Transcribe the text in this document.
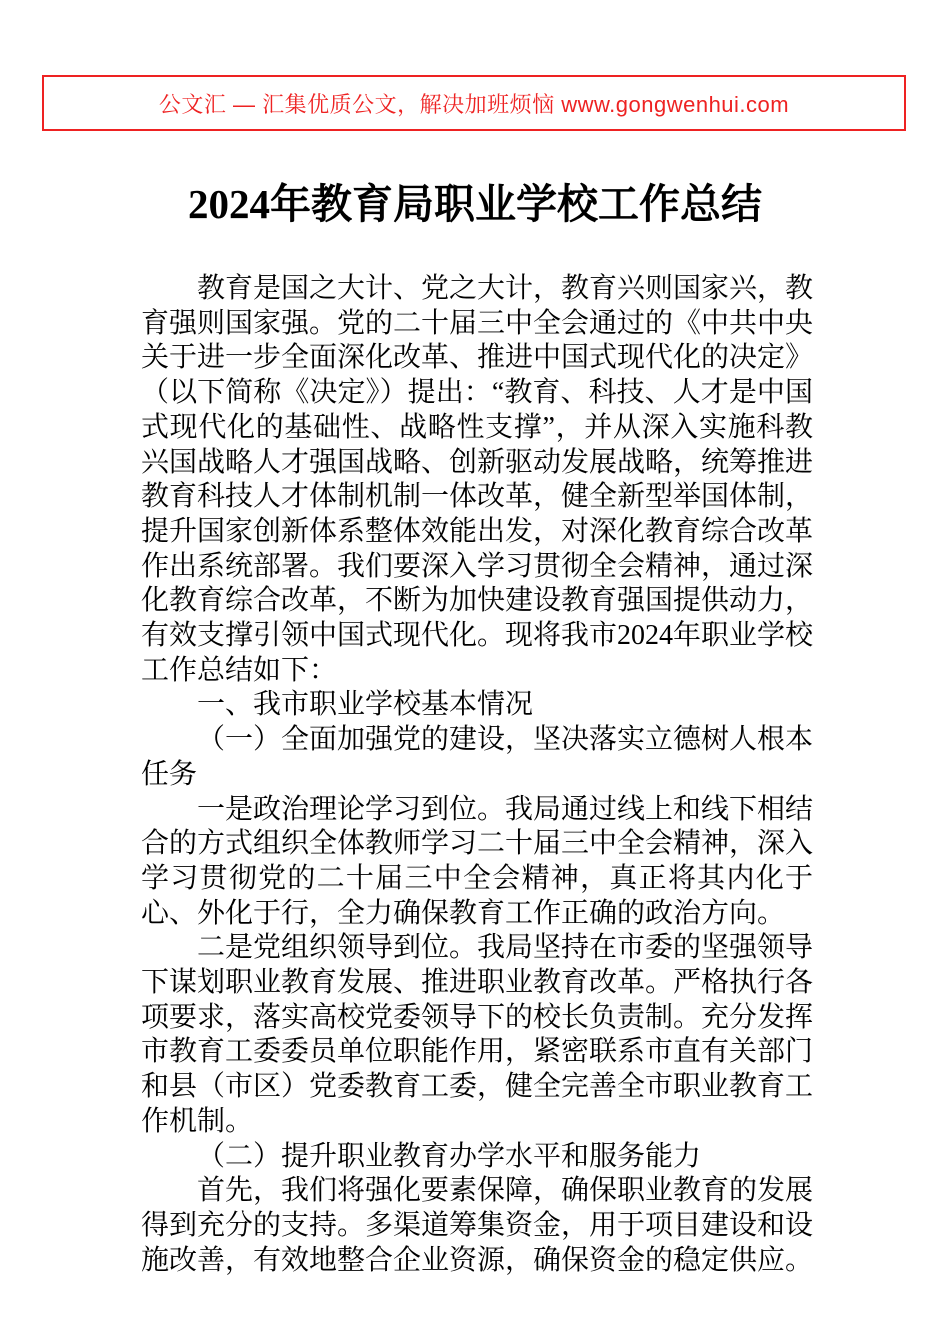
公文汇 — 汇集优质公文，解决加班烦恼 www.gongwenhui.com
2024年教育局职业学校工作总结

教育是国之大计、党之大计，教育兴则国家兴，教育强则国家强。党的二十届三中全会通过的《中共中央关于进一步全面深化改革、推进中国式现代化的决定》（以下简称《决定》）提出：“教育、科技、人才是中国式现代化的基础性、战略性支撑”，并从深入实施科教兴国战略人才强国战略、创新驱动发展战略，统筹推进教育科技人才体制机制一体改革，健全新型举国体制，提升国家创新体系整体效能出发，对深化教育综合改革作出系统部署。我们要深入学习贯彻全会精神，通过深化教育综合改革，不断为加快建设教育强国提供动力，有效支撑引领中国式现代化。现将我市2024年职业学校工作总结如下：

一、我市职业学校基本情况

（一）全面加强党的建设，坚决落实立德树人根本任务

一是政治理论学习到位。我局通过线上和线下相结合的方式组织全体教师学习二十届三中全会精神，深入学习贯彻党的二十届三中全会精神，真正将其内化于心、外化于行，全力确保教育工作正确的政治方向。

二是党组织领导到位。我局坚持在市委的坚强领导下谋划职业教育发展、推进职业教育改革。严格执行各项要求，落实高校党委领导下的校长负责制。充分发挥市教育工委委员单位职能作用，紧密联系市直有关部门和县（市区）党委教育工委，健全完善全市职业教育工作机制。

（二）提升职业教育办学水平和服务能力

首先，我们将强化要素保障，确保职业教育的发展得到充分的支持。多渠道筹集资金，用于项目建设和设施改善，有效地整合企业资源，确保资金的稳定供应。
